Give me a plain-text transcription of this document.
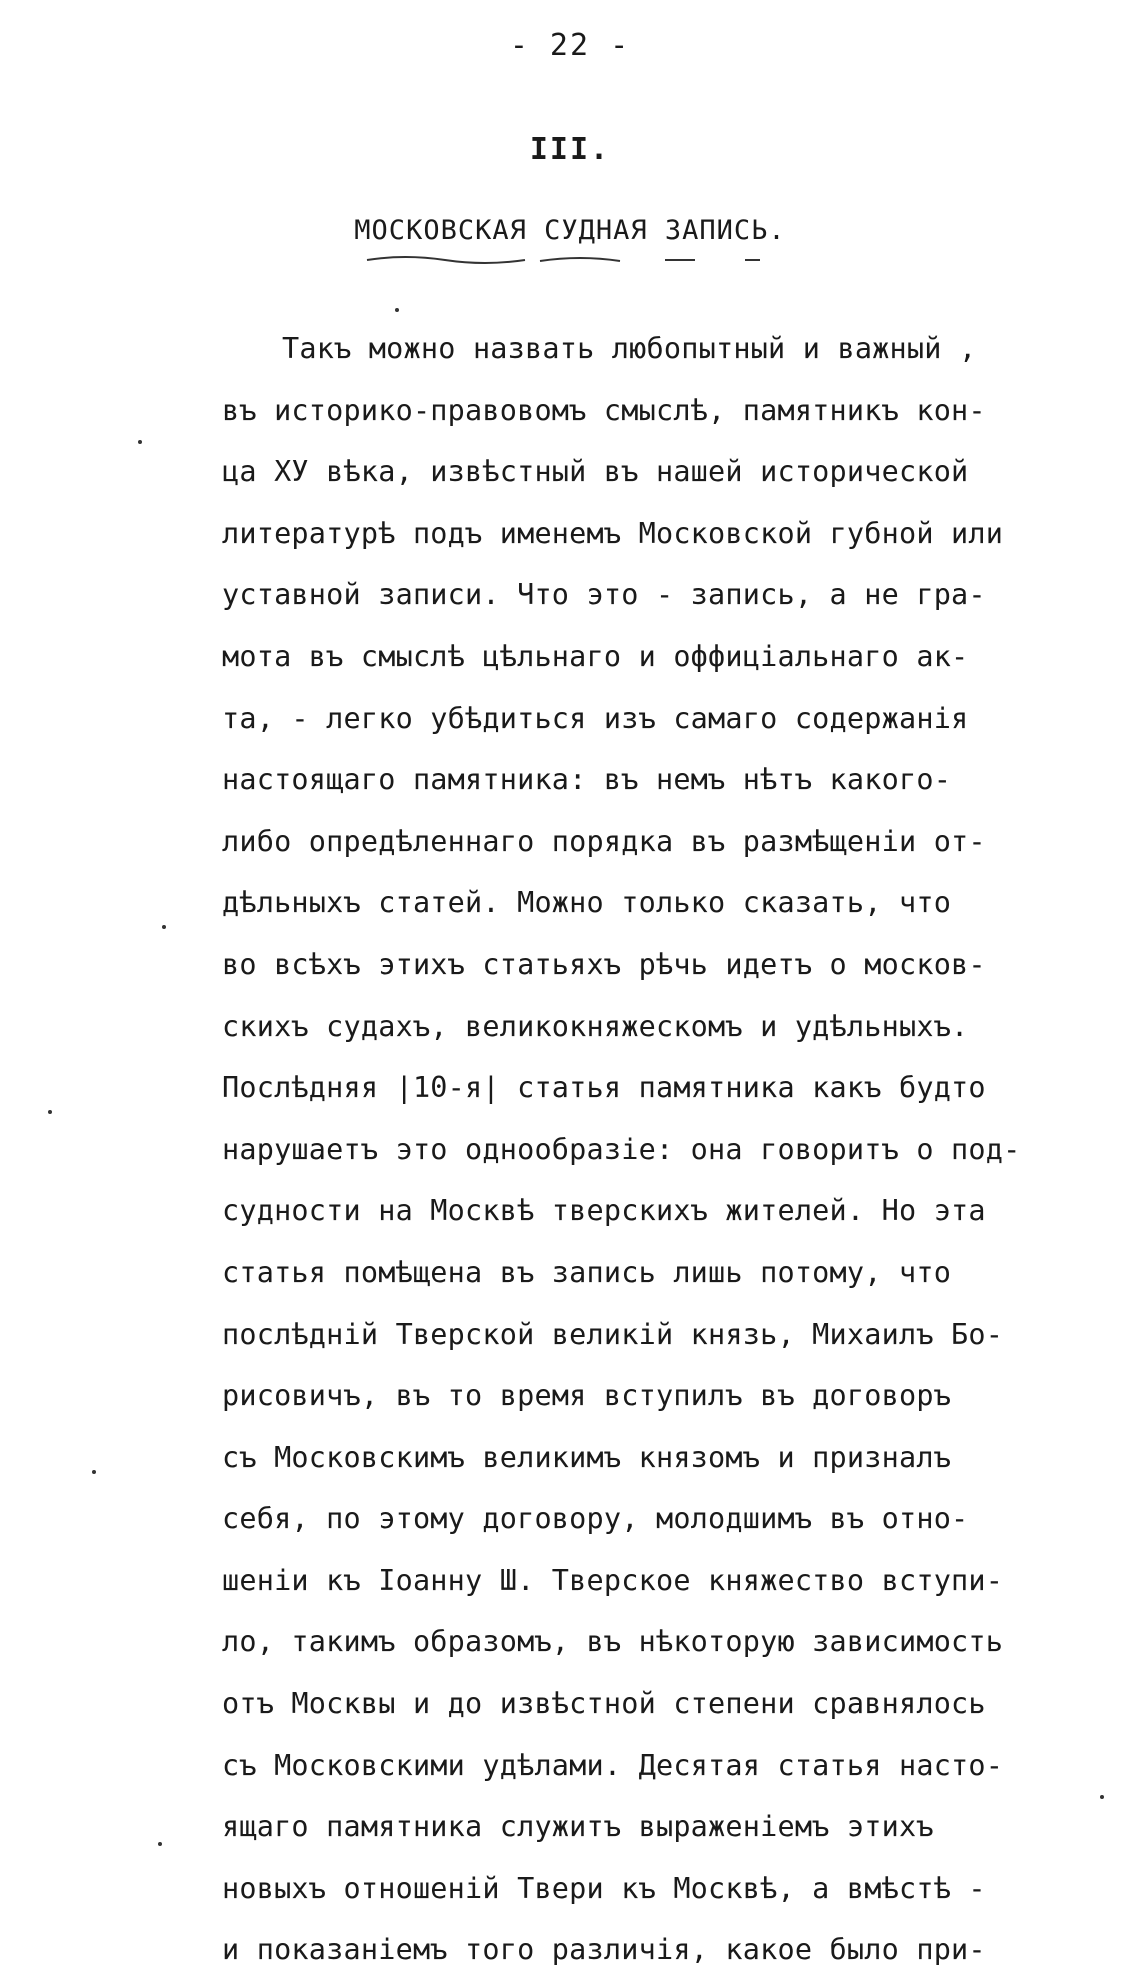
- 22 -
III.
МОСКОВСКАЯ СУДНАЯ ЗАПИСЬ.
Такъ можно назвать любопытный и важный ,
въ историко-правовомъ смыслѣ, памятникъ кон-
ца ХУ вѣка, извѣстный въ нашей исторической
литературѣ подъ именемъ Московской губной или
уставной записи. Что это - запись, а не гра-
мота въ смыслѣ цѣльнаго и оффиціальнаго ак-
та, - легко убѣдиться изъ самаго содержанія
настоящаго памятника: въ немъ нѣтъ какого-
либо опредѣленнаго порядка въ размѣщеніи от-
дѣльныхъ статей. Можно только сказать, что
во всѣхъ этихъ статьяхъ рѣчь идетъ о москов-
скихъ судахъ, великокняжескомъ и удѣльныхъ.
Послѣдняя |10-я| статья памятника какъ будто
нарушаетъ это однообразіе: она говоритъ о под-
судности на Москвѣ тверскихъ жителей. Но эта
статья помѣщена въ запись лишь потому, что
послѣдній Тверской великій князь, Михаилъ Бо-
рисовичъ, въ то время вступилъ въ договоръ
съ Московскимъ великимъ князомъ и призналъ
себя, по этому договору, молодшимъ въ отно-
шеніи къ Іоанну Ш. Тверское княжество вступи-
ло, такимъ образомъ, въ нѣкоторую зависимость
отъ Москвы и до извѣстной степени сравнялось
съ Московскими удѣлами. Десятая статья насто-
ящаго памятника служитъ выраженіемъ этихъ
новыхъ отношеній Твери къ Москвѣ, а вмѣстѣ -
и показаніемъ того различія, какое было при-
